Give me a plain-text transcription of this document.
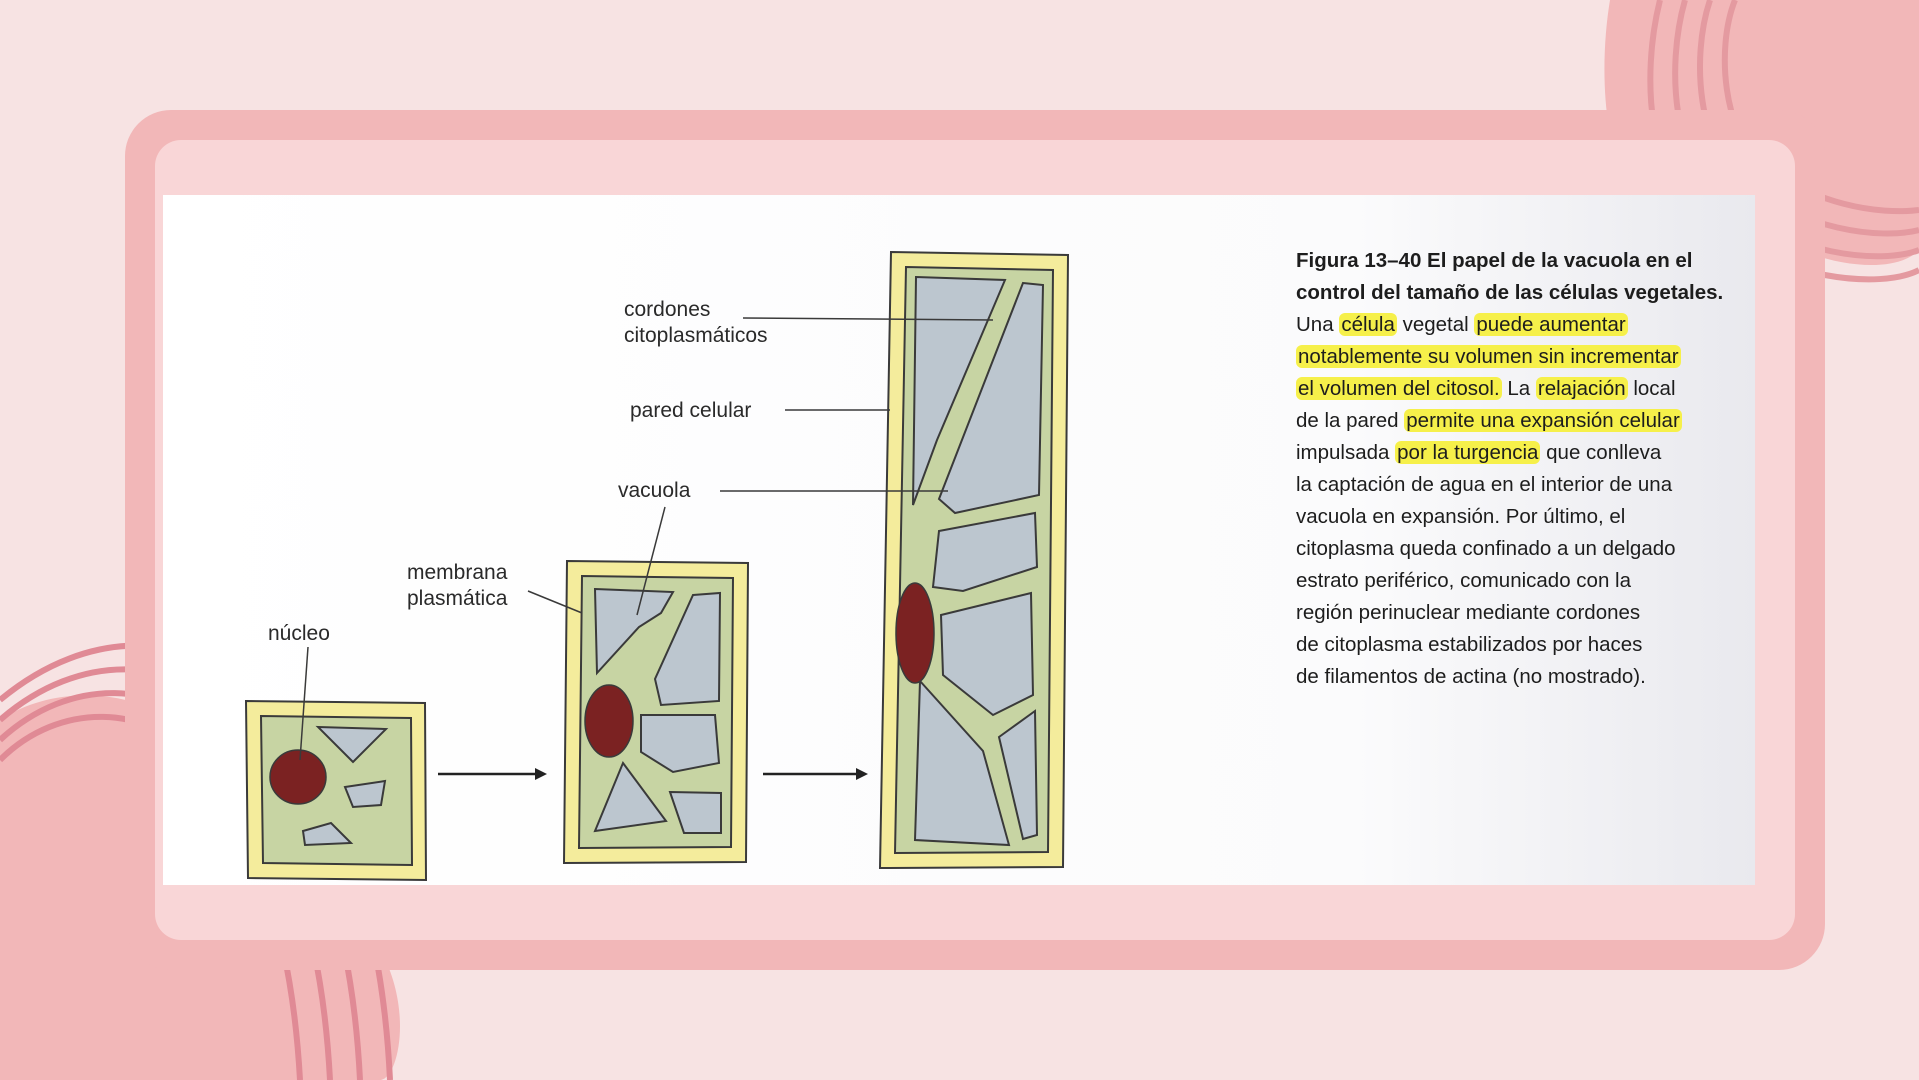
cordones
citoplasmáticos
pared celular
vacuola
membrana
plasmática
núcleo
Figura 13–40 El papel de la vacuola en el
control del tamaño de las células vegetales.
Una célula vegetal puede aumentar
notablemente su volumen sin incrementar
el volumen del citosol. La relajación local
de la pared permite una expansión celular
impulsada por la turgencia que conlleva
la captación de agua en el interior de una
vacuola en expansión. Por último, el
citoplasma queda confinado a un delgado
estrato periférico, comunicado con la
región perinuclear mediante cordones
de citoplasma estabilizados por haces
de filamentos de actina (no mostrado).
